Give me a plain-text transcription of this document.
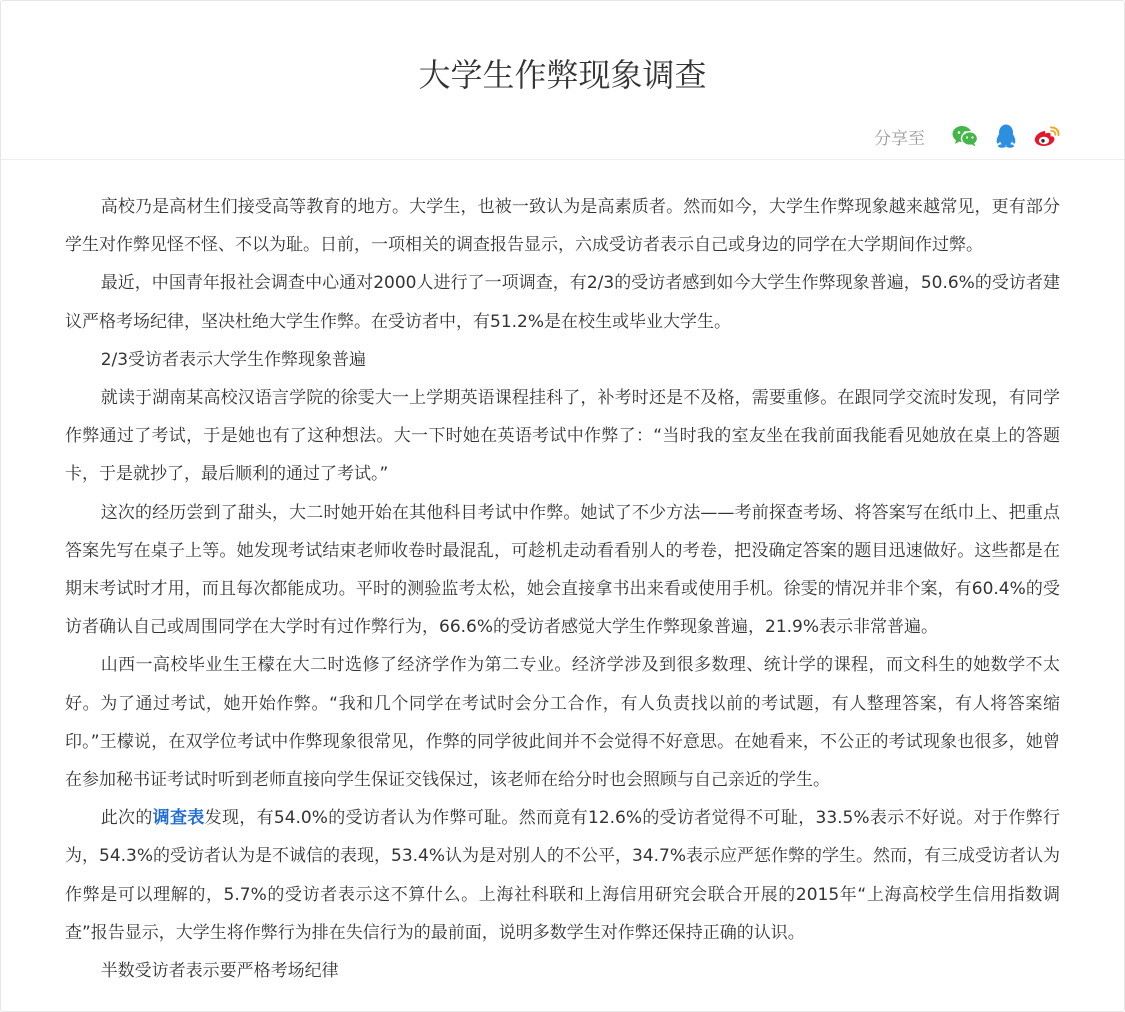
大学生作弊现象调查
分享至

高校乃是高材生们接受高等教育的地方。大学生，也被一致认为是高素质者。然而如今，大学生作弊现象越来越常见，更有部分学生对作弊见怪不怪、不以为耻。日前，一项相关的调查报告显示，六成受访者表示自己或身边的同学在大学期间作过弊。

最近，中国青年报社会调查中心通对2000人进行了一项调查，有2/3的受访者感到如今大学生作弊现象普遍，50.6%的受访者建议严格考场纪律，坚决杜绝大学生作弊。在受访者中，有51.2%是在校生或毕业大学生。

2/3受访者表示大学生作弊现象普遍

就读于湖南某高校汉语言学院的徐雯大一上学期英语课程挂科了，补考时还是不及格，需要重修。在跟同学交流时发现，有同学作弊通过了考试，于是她也有了这种想法。大一下时她在英语考试中作弊了：“当时我的室友坐在我前面我能看见她放在桌上的答题卡，于是就抄了，最后顺利的通过了考试。”

这次的经历尝到了甜头，大二时她开始在其他科目考试中作弊。她试了不少方法——考前探查考场、将答案写在纸巾上、把重点答案先写在桌子上等。她发现考试结束老师收卷时最混乱，可趁机走动看看别人的考卷，把没确定答案的题目迅速做好。这些都是在期末考试时才用，而且每次都能成功。平时的测验监考太松，她会直接拿书出来看或使用手机。徐雯的情况并非个案，有60.4%的受访者确认自己或周围同学在大学时有过作弊行为，66.6%的受访者感觉大学生作弊现象普遍，21.9%表示非常普遍。

山西一高校毕业生王檬在大二时选修了经济学作为第二专业。经济学涉及到很多数理、统计学的课程，而文科生的她数学不太好。为了通过考试，她开始作弊。“我和几个同学在考试时会分工合作，有人负责找以前的考试题，有人整理答案，有人将答案缩印。”王檬说，在双学位考试中作弊现象很常见，作弊的同学彼此间并不会觉得不好意思。在她看来，不公正的考试现象也很多，她曾在参加秘书证考试时听到老师直接向学生保证交钱保过，该老师在给分时也会照顾与自己亲近的学生。

此次的调查表发现，有54.0%的受访者认为作弊可耻。然而竟有12.6%的受访者觉得不可耻，33.5%表示不好说。对于作弊行为，54.3%的受访者认为是不诚信的表现，53.4%认为是对别人的不公平，34.7%表示应严惩作弊的学生。然而，有三成受访者认为作弊是可以理解的，5.7%的受访者表示这不算什么。上海社科联和上海信用研究会联合开展的2015年“上海高校学生信用指数调查”报告显示，大学生将作弊行为排在失信行为的最前面，说明多数学生对作弊还保持正确的认识。

半数受访者表示要严格考场纪律
